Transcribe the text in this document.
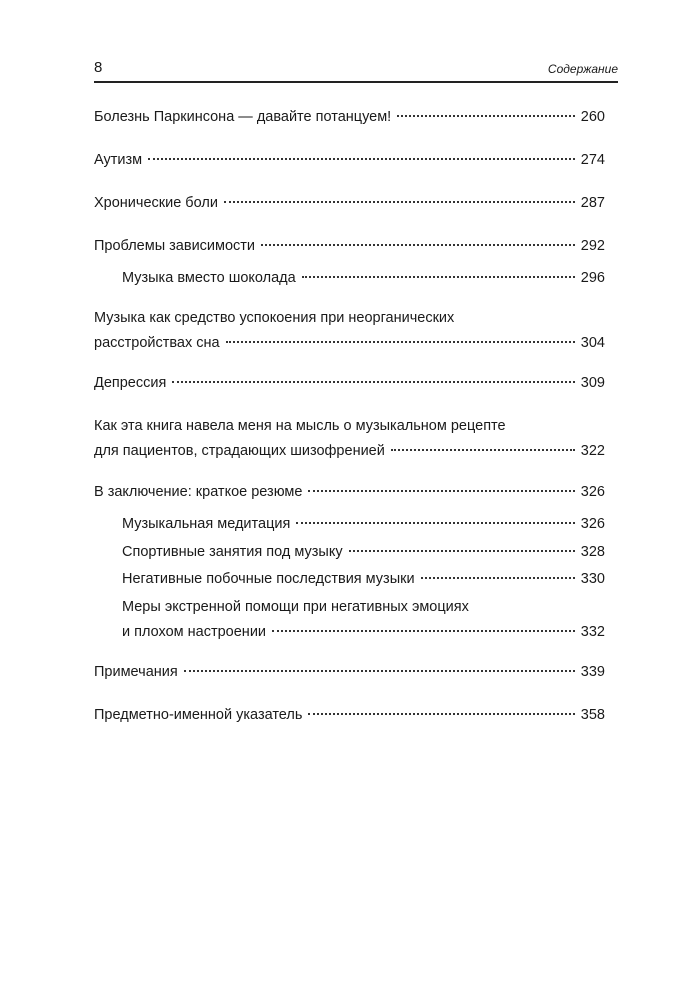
8	Содержание
Болезнь Паркинсона — давайте потанцуем!	260
Аутизм	274
Хронические боли	287
Проблемы зависимости	292
Музыка вместо шоколада	296
Музыка как средство успокоения при неорганических
расстройствах сна	304
Депрессия	309
Как эта книга навела меня на мысль о музыкальном рецепте
для пациентов, страдающих шизофренией	322
В заключение: краткое резюме	326
Музыкальная медитация	326
Спортивные занятия под музыку	328
Негативные побочные последствия музыки	330
Меры экстренной помощи при негативных эмоциях
и плохом настроении	332
Примечания	339
Предметно-именной указатель	358
